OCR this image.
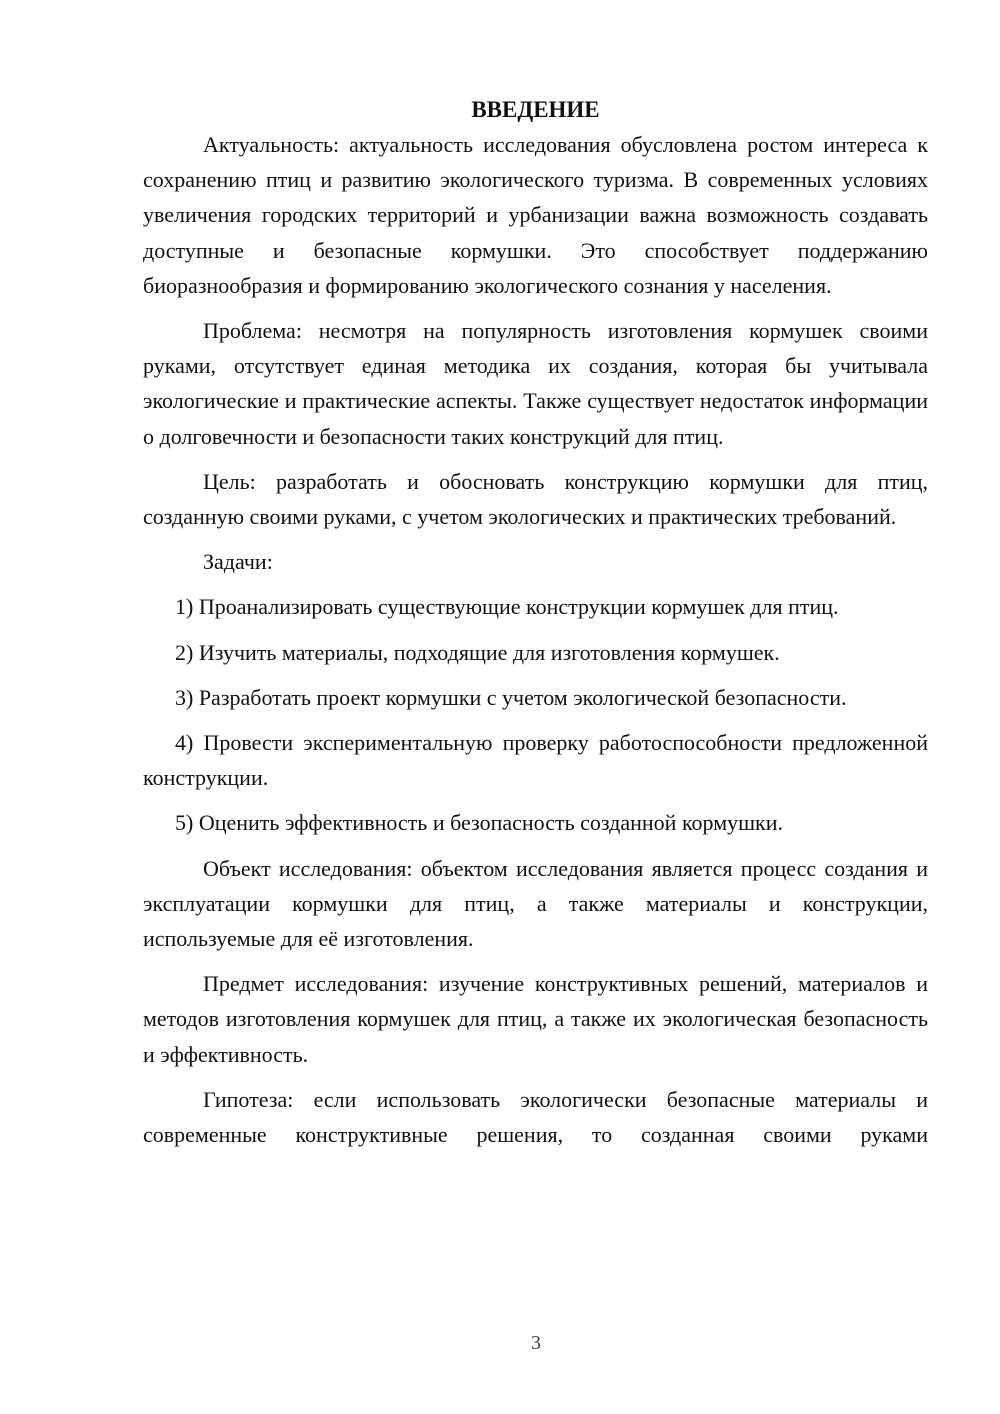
ВВЕДЕНИЕ

Актуальность: актуальность исследования обусловлена ростом интереса к сохранению птиц и развитию экологического туризма. В современных условиях увеличения городских территорий и урбанизации важна возможность создавать доступные и безопасные кормушки. Это способствует поддержанию биоразнообразия и формированию экологического сознания у населения.

Проблема: несмотря на популярность изготовления кормушек своими руками, отсутствует единая методика их создания, которая бы учитывала экологические и практические аспекты. Также существует недостаток информации о долговечности и безопасности таких конструкций для птиц.

Цель: разработать и обосновать конструкцию кормушки для птиц, созданную своими руками, с учетом экологических и практических требований.

Задачи:

1) Проанализировать существующие конструкции кормушек для птиц.

2) Изучить материалы, подходящие для изготовления кормушек.

3) Разработать проект кормушки с учетом экологической безопасности.

4) Провести экспериментальную проверку работоспособности предложенной конструкции.

5) Оценить эффективность и безопасность созданной кормушки.

Объект исследования: объектом исследования является процесс создания и эксплуатации кормушки для птиц, а также материалы и конструкции, используемые для её изготовления.

Предмет исследования: изучение конструктивных решений, материалов и методов изготовления кормушек для птиц, а также их экологическая безопасность и эффективность.

Гипотеза: если использовать экологически безопасные материалы и современные конструктивные решения, то созданная своими руками

3
